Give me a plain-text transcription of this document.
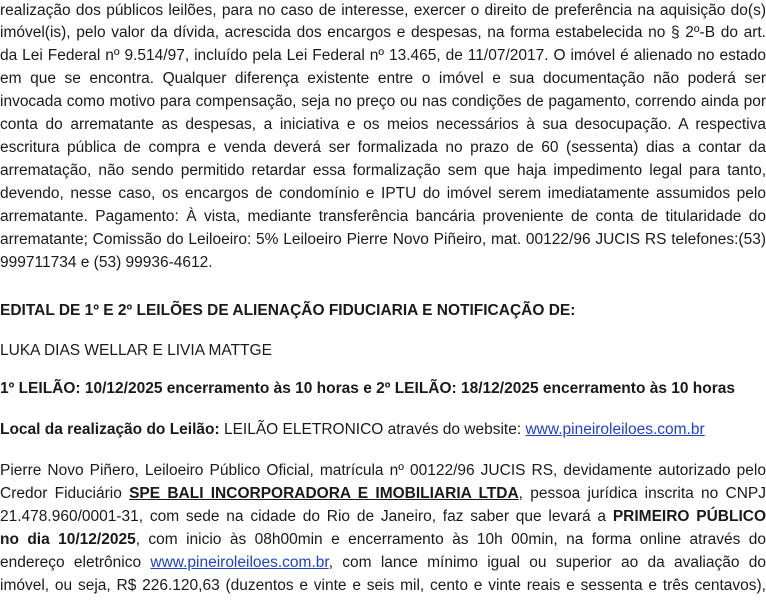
realização dos públicos leilões, para no caso de interesse, exercer o direito de preferência na aquisição do(s)
imóvel(is), pelo valor da dívida, acrescida dos encargos e despesas, na forma estabelecida no § 2º-B do art.
da Lei Federal nº 9.514/97, incluído pela Lei Federal nº 13.465, de 11/07/2017. O imóvel é alienado no estado
em que se encontra. Qualquer diferença existente entre o imóvel e sua documentação não poderá ser
invocada como motivo para compensação, seja no preço ou nas condições de pagamento, correndo ainda por
conta do arrematante as despesas, a iniciativa e os meios necessários à sua desocupação. A respectiva
escritura pública de compra e venda deverá ser formalizada no prazo de 60 (sessenta) dias a contar da
arrematação, não sendo permitido retardar essa formalização sem que haja impedimento legal para tanto,
devendo, nesse caso, os encargos de condomínio e IPTU do imóvel serem imediatamente assumidos pelo
arrematante. Pagamento: À vista, mediante transferência bancária proveniente de conta de titularidade do
arrematante; Comissão do Leiloeiro: 5% Leiloeiro Pierre Novo Piñeiro, mat. 00122/96 JUCIS RS telefones:(53)
999711734 e (53) 99936-4612.
EDITAL DE 1º E 2º LEILÕES DE ALIENAÇÃO FIDUCIARIA E NOTIFICAÇÃO DE:
LUKA DIAS WELLAR E LIVIA MATTGE
1º LEILÃO: 10/12/2025 encerramento às 10 horas e 2º LEILÃO: 18/12/2025 encerramento às 10 horas
Local da realização do Leilão: LEILÃO ELETRONICO através do website: www.pineiroleiloes.com.br
Pierre Novo Piñero, Leiloeiro Público Oficial, matrícula nº 00122/96 JUCIS RS, devidamente autorizado pelo
Credor Fiduciário SPE BALI INCORPORADORA E IMOBILIARIA LTDA, pessoa jurídica inscrita no CNPJ
21.478.960/0001-31, com sede na cidade do Rio de Janeiro, faz saber que levará a PRIMEIRO PÚBLICO
no dia 10/12/2025, com inicio às 08h00min e encerramento às 10h 00min, na forma online através do
endereço eletrônico www.pineiroleiloes.com.br, com lance mínimo igual ou superior ao da avaliação do
imóvel, ou seja, R$ 226.120,63 (duzentos e vinte e seis mil, cento e vinte reais e sessenta e três centavos),
